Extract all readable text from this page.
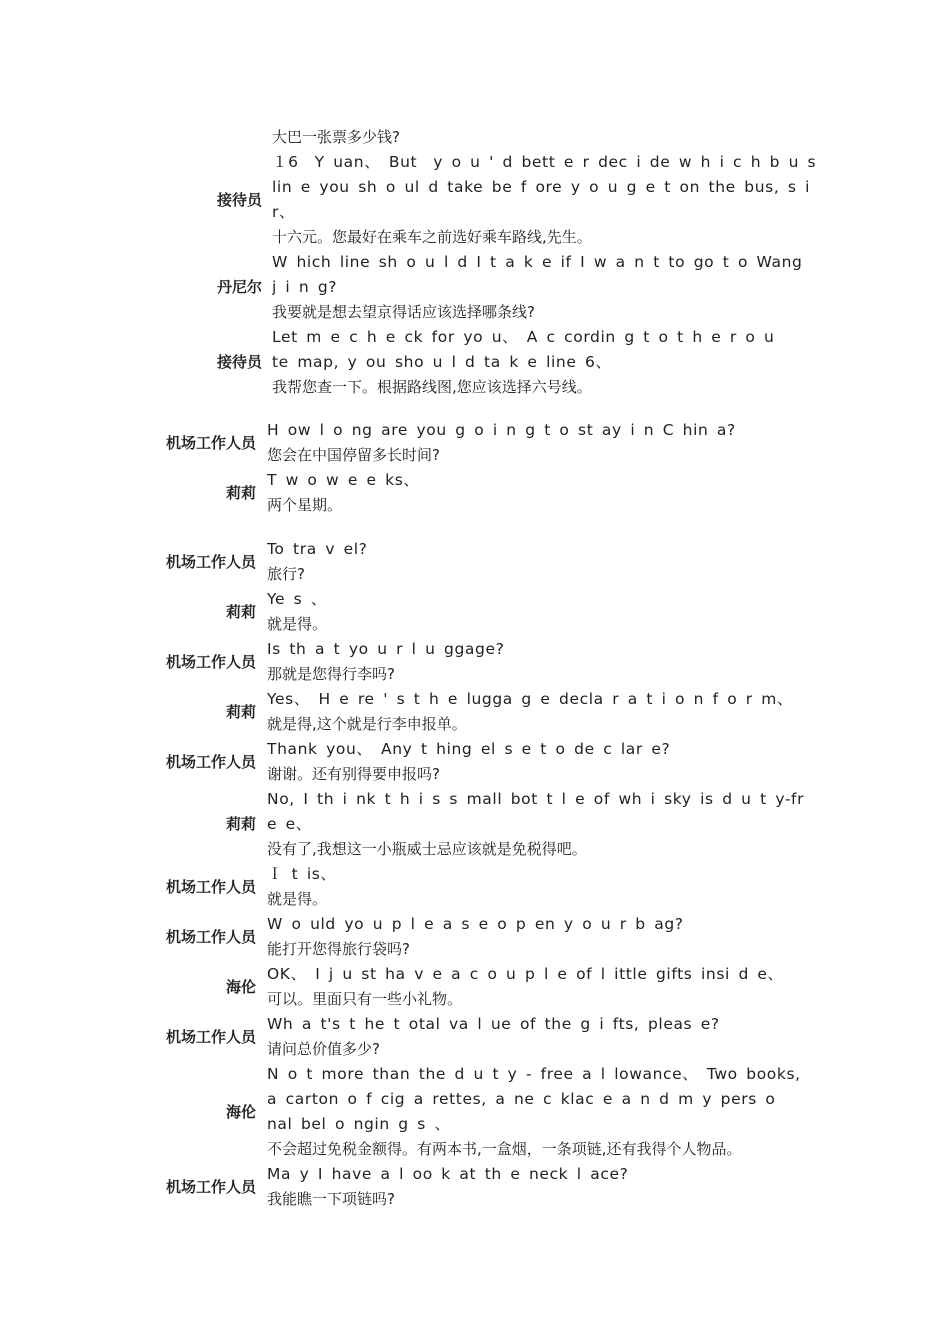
大巴一张票多少钱?
接待员
１6　Y uan、 But　y o u ' d bett e r dec i de w h i c h b u s
lin e you sh o ul d take be f ore y o u g e t on the bus, s i
r、
十六元。您最好在乘车之前选好乘车路线,先生。
丹尼尔
W hich line sh o u l d I t a k e if I w a n t to go t o Wang
j i n g?
我要就是想去望京得话应该选择哪条线?
接待员
Let m e c h e ck for yo u、 A c cordin g t o t h e r o u
te map, y ou sho u l d ta k e line 6、
我帮您查一下。根据路线图,您应该选择六号线。
机场工作人员
H ow l o ng are you g o i n g t o st ay i n C hin a?
您会在中国停留多长时间?
莉莉
T w o w e e ks、
两个星期。
机场工作人员
To tra v el?
旅行?
莉莉
Ye s 、
就是得。
机场工作人员
Is th a t yo u r l u ggage?
那就是您得行李吗?
莉莉
Yes、 H e re ' s t h e lugga g e decla r a t i o n f o r m、
就是得,这个就是行李申报单。
机场工作人员
Thank you、 Any t hing el s e t o de c lar e?
谢谢。还有别得要申报吗?
莉莉
No, I th i nk t h i s s mall bot t l e of wh i sky is d u t y-fr
e e、
没有了,我想这一小瓶威士忌应该就是免税得吧。
机场工作人员
Ｉ t is、
就是得。
机场工作人员
W o uld yo u p l e a s e o p en y o u r b ag?
能打开您得旅行袋吗?
海伦
OK、 I j u st ha v e a c o u p l e of l ittle gifts insi d e、
可以。里面只有一些小礼物。
机场工作人员
Wh a t's t he t otal va l ue of the g i fts, pleas e?
请问总价值多少?
海伦
N o t more than the d u t y - free a l lowance、 Two books,
a carton o f cig a rettes, a ne c klac e a n d m y pers o
nal bel o ngin g s 、
不会超过免税金额得。有两本书,一盒烟，一条项链,还有我得个人物品。
机场工作人员
Ma y I have a l oo k at th e neck l ace?
我能瞧一下项链吗?
